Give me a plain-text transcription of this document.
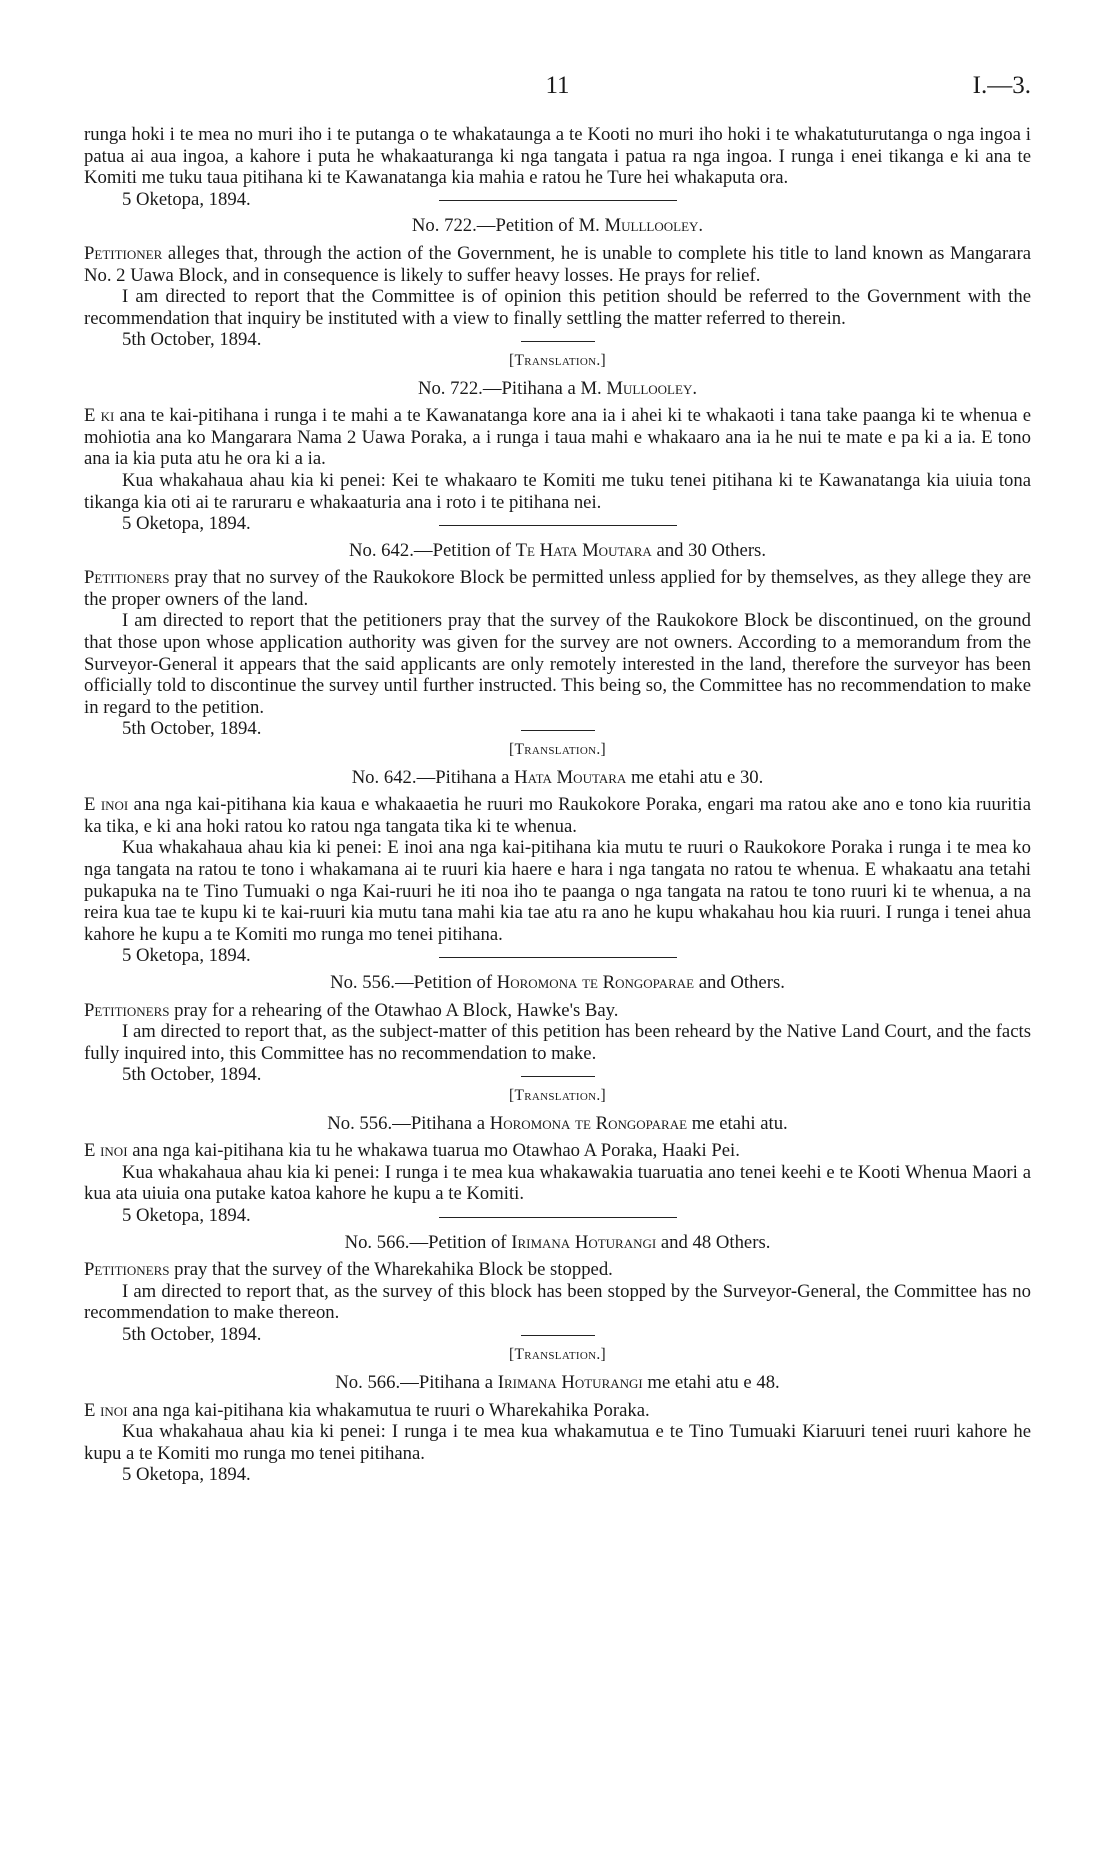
11	I.—3.

runga hoki i te mea no muri iho i te putanga o te whakataunga a te Kooti no muri iho hoki i te whakatuturutanga o nga ingoa i patua ai aua ingoa, a kahore i puta he whakaaturanga ki nga tangata i patua ra nga ingoa. I runga i enei tikanga e ki ana te Komiti me tuku taua pitihana ki te Kawanatanga kia mahia e ratou he Ture hei whakaputa ora.

5 Oketopa, 1894.

No. 722.—Petition of M. Mulllooley.

Petitioner alleges that, through the action of the Government, he is unable to complete his title to land known as Mangarara No. 2 Uawa Block, and in consequence is likely to suffer heavy losses. He prays for relief.

I am directed to report that the Committee is of opinion this petition should be referred to the Government with the recommendation that inquiry be instituted with a view to finally settling the matter referred to therein.

5th October, 1894.

[Translation.]

No. 722.—Pitihana a M. Mullooley.

E ki ana te kai-pitihana i runga i te mahi a te Kawanatanga kore ana ia i ahei ki te whakaoti i tana take paanga ki te whenua e mohiotia ana ko Mangarara Nama 2 Uawa Poraka, a i runga i taua mahi e whakaaro ana ia he nui te mate e pa ki a ia. E tono ana ia kia puta atu he ora ki a ia.

Kua whakahaua ahau kia ki penei: Kei te whakaaro te Komiti me tuku tenei pitihana ki te Kawanatanga kia uiuia tona tikanga kia oti ai te raruraru e whakaaturia ana i roto i te pitihana nei.

5 Oketopa, 1894.

No. 642.—Petition of Te Hata Moutara and 30 Others.

Petitioners pray that no survey of the Raukokore Block be permitted unless applied for by themselves, as they allege they are the proper owners of the land.

I am directed to report that the petitioners pray that the survey of the Raukokore Block be discontinued, on the ground that those upon whose application authority was given for the survey are not owners. According to a memorandum from the Surveyor-General it appears that the said applicants are only remotely interested in the land, therefore the surveyor has been officially told to discontinue the survey until further instructed. This being so, the Committee has no recommendation to make in regard to the petition.

5th October, 1894.

[Translation.]

No. 642.—Pitihana a Hata Moutara me etahi atu e 30.

E inoi ana nga kai-pitihana kia kaua e whakaaetia he ruuri mo Raukokore Poraka, engari ma ratou ake ano e tono kia ruuritia ka tika, e ki ana hoki ratou ko ratou nga tangata tika ki te whenua.

Kua whakahaua ahau kia ki penei: E inoi ana nga kai-pitihana kia mutu te ruuri o Raukokore Poraka i runga i te mea ko nga tangata na ratou te tono i whakamana ai te ruuri kia haere e hara i nga tangata no ratou te whenua. E whakaatu ana tetahi pukapuka na te Tino Tumuaki o nga Kai-ruuri he iti noa iho te paanga o nga tangata na ratou te tono ruuri ki te whenua, a na reira kua tae te kupu ki te kai-ruuri kia mutu tana mahi kia tae atu ra ano he kupu whakahau hou kia ruuri. I runga i tenei ahua kahore he kupu a te Komiti mo runga mo tenei pitihana.

5 Oketopa, 1894.

No. 556.—Petition of Horomona te Rongoparae and Others.

Petitioners pray for a rehearing of the Otawhao A Block, Hawke's Bay.

I am directed to report that, as the subject-matter of this petition has been reheard by the Native Land Court, and the facts fully inquired into, this Committee has no recommendation to make.

5th October, 1894.

[Translation.]

No. 556.—Pitihana a Horomona te Rongoparae me etahi atu.

E inoi ana nga kai-pitihana kia tu he whakawa tuarua mo Otawhao A Poraka, Haaki Pei.

Kua whakahaua ahau kia ki penei: I runga i te mea kua whakawakia tuaruatia ano tenei keehi e te Kooti Whenua Maori a kua ata uiuia ona putake katoa kahore he kupu a te Komiti.

5 Oketopa, 1894.

No. 566.—Petition of Irimana Hoturangi and 48 Others.

Petitioners pray that the survey of the Wharekahika Block be stopped.

I am directed to report that, as the survey of this block has been stopped by the Surveyor-General, the Committee has no recommendation to make thereon.

5th October, 1894.

[Translation.]

No. 566.—Pitihana a Irimana Hoturangi me etahi atu e 48.

E inoi ana nga kai-pitihana kia whakamutua te ruuri o Wharekahika Poraka.

Kua whakahaua ahau kia ki penei: I runga i te mea kua whakamutua e te Tino Tumuaki Kiaruuri tenei ruuri kahore he kupu a te Komiti mo runga mo tenei pitihana.

5 Oketopa, 1894.
